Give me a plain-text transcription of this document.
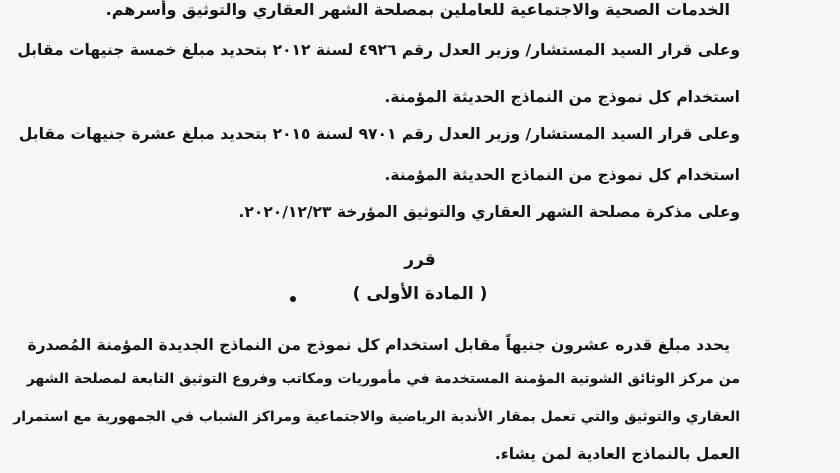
الخدمات الصحية والاجتماعية للعاملين بمصلحة الشهر العقاري والتوثيق وأسرهم.
وعلى قرار السيد المستشار/ وزير العدل رقم ٤٩٢٦ لسنة ٢٠١٢ بتحديد مبلغ خمسة جنيهات مقابل
استخدام كل نموذج من النماذج الحديثة المؤمنة.
وعلى قرار السيد المستشار/ وزير العدل رقم ٩٧٠١ لسنة ٢٠١٥ بتحديد مبلغ عشرة جنيهات مقابل
استخدام كل نموذج من النماذج الحديثة المؤمنة.
وعلى مذكرة مصلحة الشهر العقاري والتوثيق المؤرخة ٢٠٢٠/١٢/٢٣.
قرر
( المادة الأولى )
يحدد مبلغ قدره عشرون جنيهاً مقابل استخدام كل نموذج من النماذج الجديدة المؤمنة المُصدرة
من مركز الوثائق الشوتية المؤمنة المستخدمة في مأموريات ومكاتب وفروع التوثيق التابعة لمصلحة الشهر
العقاري والتوثيق والتي تعمل بمقار الأندية الرياضية والاجتماعية ومراكز الشباب في الجمهورية مع استمرار
العمل بالنماذج العادية لمن يشاء.
